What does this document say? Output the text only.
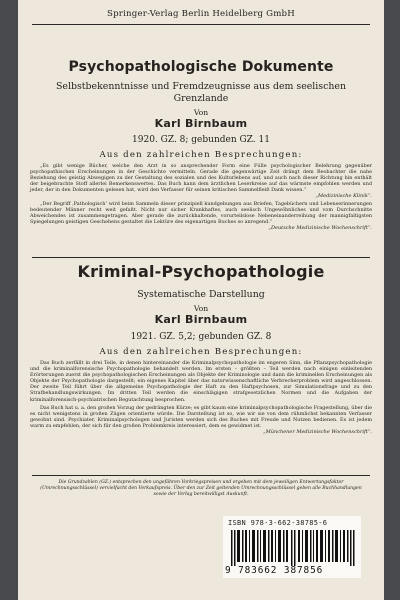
Springer-Verlag Berlin Heidelberg GmbH
Psychopathologische Dokumente
Selbstbekenntnisse und Fremdzeugnisse aus dem seelischen
Grenzlande
Von
Karl Birnbaum
1920. GZ. 8; gebunden GZ. 11
Aus den zahlreichen Besprechungen:

„Es gibt wenige Bücher, welche den Arzt in so ansprechender Form eine Fülle psychologischer Belehrung gegenüber psychopathischen Erscheinungen in der Geschichte vermitteln. Gerade die gegenwärtige Zeit drängt dem Beobachter die nahe Beziehung des geistig Abwegigen zu der Gestaltung des sozialen und des Kulturlebens auf, und auch nach dieser Richtung hin enthält der beigebrachte Stoff allerlei Bemerkenswertes. Das Buch kann dem ärztlichen Leserkreise auf das wärmste empfohlen werden und jeder, der in den Dokumenten gelesen hat, wird den Verfasser für seinen kritischen Sammelfleiß Dank wissen.“

„Medizinische Klinik“.

„Der Begriff ‚Pathologisch‘ wird beim Sammeln dieser prinzipiell kundgebungen aus Briefen, Tagebüchern und Lebenserinnerungen bedeutender Männer recht weit gefaßt. Nicht nur sicher Krankhaftes, auch seelisch Ungewöhnliches und vom Durchschnitte Abweichendes ist zusammengetragen. Aber gerade die zurückhaltende, vorurteilslose Nebeneinanderreihung der mannigfaltigsten Spiegelungen geistigen Geschehens gestaltet die Lektüre des eigenartigen Buches so anregend.“

„Deutsche Medizinische Wochenschrift“.
Kriminal-Psychopathologie
Systematische Darstellung
Von
Karl Birnbaum
1921. GZ. 5,2; gebunden GZ. 8
Aus den zahlreichen Besprechungen:

Das Buch zerfällt in drei Teile, in denen hintereinander die Kriminalpsychopathologie im engeren Sinn, die Pflanzpsychopathologie und die kriminalforensische Psychopathologie behandelt werden. Im ersten – größten – Teil werden nach einigen einleitenden Erörterungen zuerst die psychopathologischen Erscheinungen als Objekte der Kriminologie und dann die kriminellen Erscheinungen als Objekte der Psychopathologie dargestellt; ein eigenes Kapitel über das naturwissenschaftliche Verbrecherproblem wird angeschlossen. Der zweite Teil führt über die allgemeine Psychopathologie der Haft zu den Haftpsychosen, zur Simulationsfrage und zu den Strafbehandlungswirkungen. Im dritten Teil werden die einschlägigen strafgesetzlichen Normen und die Aufgaben der kriminalforensisch-psychiatrischen Begutachtung besprochen.

Das Buch hat u. a. den großen Vorzug der gedrängten Kürze; es gibt kaum eine kriminalpsychopathologische Fragestellung, über die es nicht wenigstens in großen Zügen orientierte würde. Die Darstellung ist so, wie wir sie von dem rühmlichst bekannten Verfasser gewohnt sind. Psychiater, Kriminalpsychologen und Juristen werden sich des Buches mit Freude und Nutzen bedienen. Es ist jedem warm zu empfehlen, der sich für den großen Problemkreis interessiert, dem es gewidmet ist.

„Münchener Medizinische Wochenschrift“.
Die Grundzahlen (GZ.) entsprechen den ungefähren Vorkriegspreisen und ergeben mit dem jeweiligen Entwertungsfaktor (Umrechnungsschlüssel) vervielfacht den Verkaufspreis. Über den zur Zeit geltenden Umrechnungsschlüssel geben alle Buchhandlungen sowie der Verlag bereitwilligst Auskunft.
ISBN 978-3-662-38785-6
9 783662 387856
